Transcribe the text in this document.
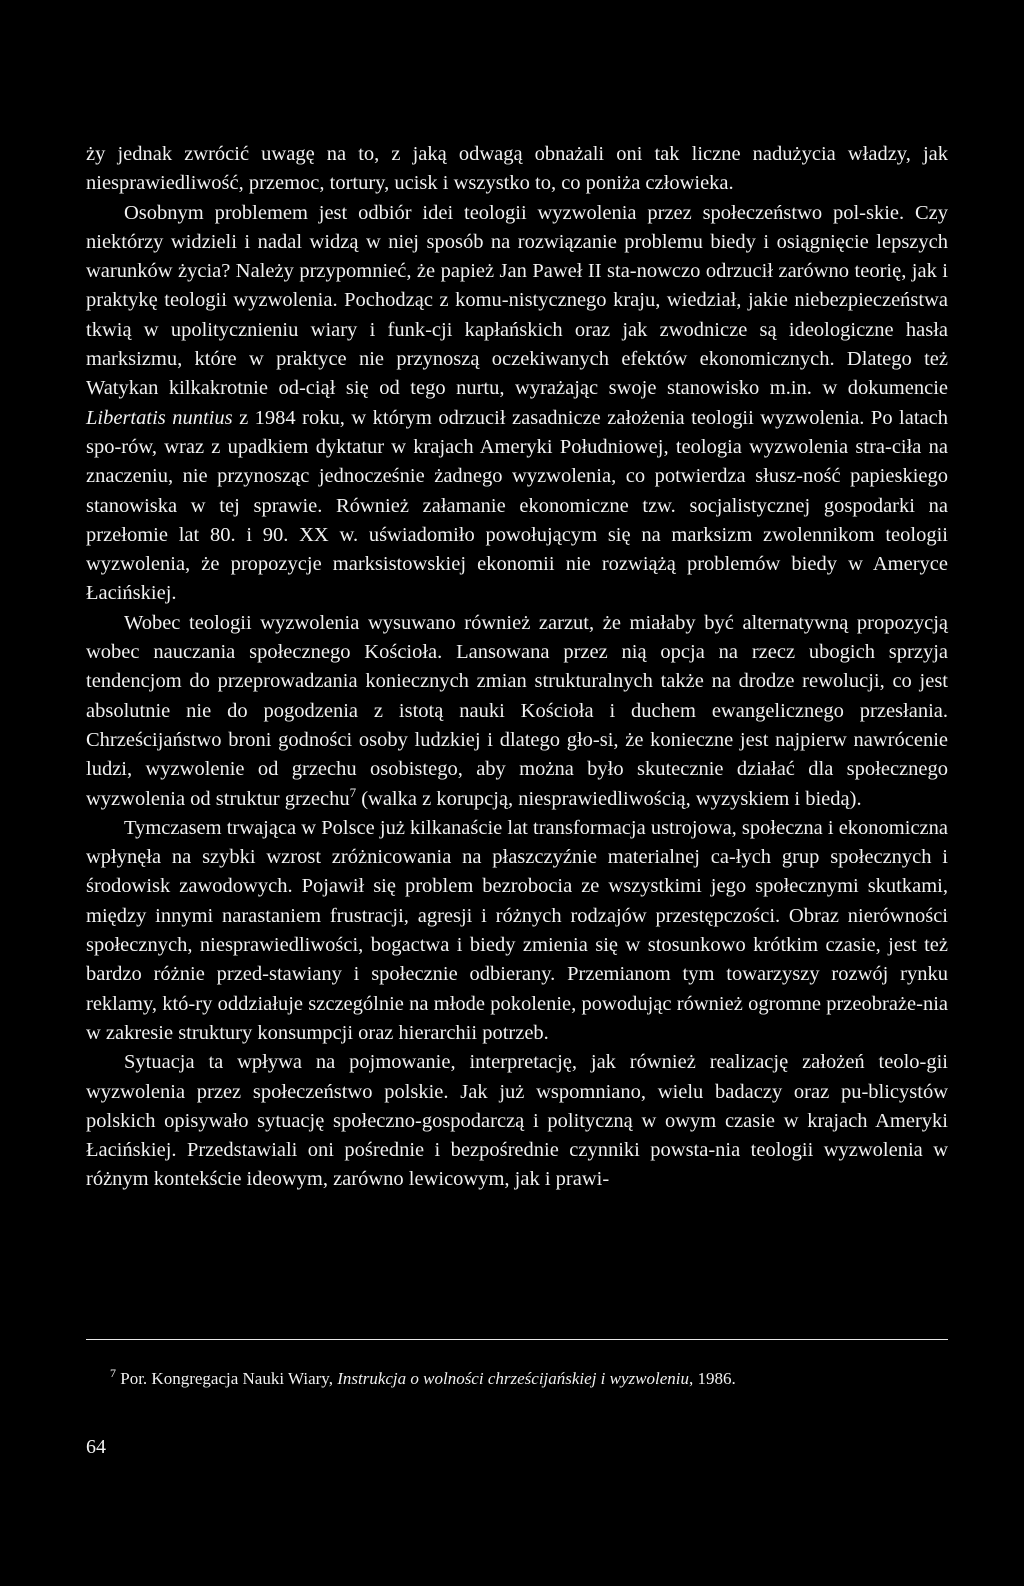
ży jednak zwrócić uwagę na to, z jaką odwagą obnażali oni tak liczne nadużycia władzy, jak niesprawiedliwość, przemoc, tortury, ucisk i wszystko to, co poniża człowieka.

Osobnym problemem jest odbiór idei teologii wyzwolenia przez społeczeństwo pol-skie. Czy niektórzy widzieli i nadal widzą w niej sposób na rozwiązanie problemu biedy i osiągnięcie lepszych warunków życia? Należy przypomnieć, że papież Jan Paweł II sta-nowczo odrzucił zarówno teorię, jak i praktykę teologii wyzwolenia. Pochodząc z komu-nistycznego kraju, wiedział, jakie niebezpieczeństwa tkwią w upolitycznieniu wiary i funk-cji kapłańskich oraz jak zwodnicze są ideologiczne hasła marksizmu, które w praktyce nie przynoszą oczekiwanych efektów ekonomicznych. Dlatego też Watykan kilkakrotnie od-ciął się od tego nurtu, wyrażając swoje stanowisko m.in. w dokumencie Libertatis nuntius z 1984 roku, w którym odrzucił zasadnicze założenia teologii wyzwolenia. Po latach spo-rów, wraz z upadkiem dyktatur w krajach Ameryki Południowej, teologia wyzwolenia stra-ciła na znaczeniu, nie przynosząc jednocześnie żadnego wyzwolenia, co potwierdza słusz-ność papieskiego stanowiska w tej sprawie. Również załamanie ekonomiczne tzw. socjalistycznej gospodarki na przełomie lat 80. i 90. XX w. uświadomiło powołującym się na marksizm zwolennikom teologii wyzwolenia, że propozycje marksistowskiej ekonomii nie rozwiążą problemów biedy w Ameryce Łacińskiej.

Wobec teologii wyzwolenia wysuwano również zarzut, że miałaby być alternatywną propozycją wobec nauczania społecznego Kościoła. Lansowana przez nią opcja na rzecz ubogich sprzyja tendencjom do przeprowadzania koniecznych zmian strukturalnych także na drodze rewolucji, co jest absolutnie nie do pogodzenia z istotą nauki Kościoła i duchem ewangelicznego przesłania. Chrześcijaństwo broni godności osoby ludzkiej i dlatego gło-si, że konieczne jest najpierw nawrócenie ludzi, wyzwolenie od grzechu osobistego, aby można było skutecznie działać dla społecznego wyzwolenia od struktur grzechu$^7$ (walka z korupcją, niesprawiedliwością, wyzyskiem i biedą).

Tymczasem trwająca w Polsce już kilkanaście lat transformacja ustrojowa, społeczna i ekonomiczna wpłynęła na szybki wzrost zróżnicowania na płaszczyźnie materialnej ca-łych grup społecznych i środowisk zawodowych. Pojawił się problem bezrobocia ze wszystkimi jego społecznymi skutkami, między innymi narastaniem frustracji, agresji i różnych rodzajów przestępczości. Obraz nierówności społecznych, niesprawiedliwości, bogactwa i biedy zmienia się w stosunkowo krótkim czasie, jest też bardzo różnie przed-stawiany i społecznie odbierany. Przemianom tym towarzyszy rozwój rynku reklamy, któ-ry oddziałuje szczególnie na młode pokolenie, powodując również ogromne przeobraże-nia w zakresie struktury konsumpcji oraz hierarchii potrzeb.

Sytuacja ta wpływa na pojmowanie, interpretację, jak również realizację założeń teolo-gii wyzwolenia przez społeczeństwo polskie. Jak już wspomniano, wielu badaczy oraz pu-blicystów polskich opisywało sytuację społeczno-gospodarczą i polityczną w owym czasie w krajach Ameryki Łacińskiej. Przedstawiali oni pośrednie i bezpośrednie czynniki powsta-nia teologii wyzwolenia w różnym kontekście ideowym, zarówno lewicowym, jak i prawi-

$^7$ Por. Kongregacja Nauki Wiary, Instrukcja o wolności chrześcijańskiej i wyzwoleniu, 1986.
64
